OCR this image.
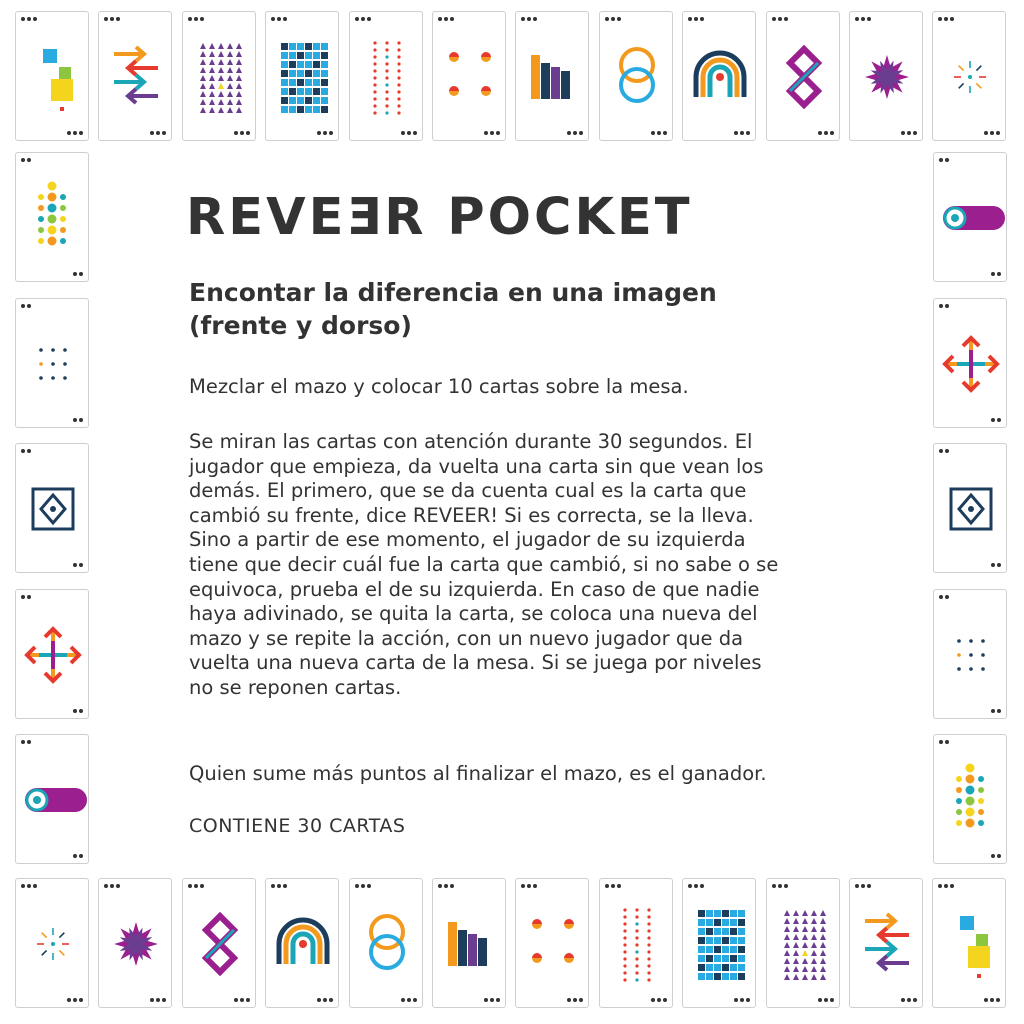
REVEƎR POCKET
Encontar la diferencia en una imagen
(frente y dorso)

Mezclar el mazo y colocar 10 cartas sobre la mesa.

Se miran las cartas con atención durante 30 segundos. El
jugador que empieza, da vuelta una carta sin que vean los
demás. El primero, que se da cuenta cual es la carta que
cambió su frente, dice REVEER! Si es correcta, se la lleva.
Sino a partir de ese momento, el jugador de su izquierda
tiene que decir cuál fue la carta que cambió, si no sabe o se
equivoca, prueba el de su izquierda. En caso de que nadie
haya adivinado, se quita la carta, se coloca una nueva del
mazo y se repite la acción, con un nuevo jugador que da
vuelta una nueva carta de la mesa. Si se juega por niveles
no se reponen cartas.

Quien sume más puntos al finalizar el mazo, es el ganador.

CONTIENE 30 CARTAS
